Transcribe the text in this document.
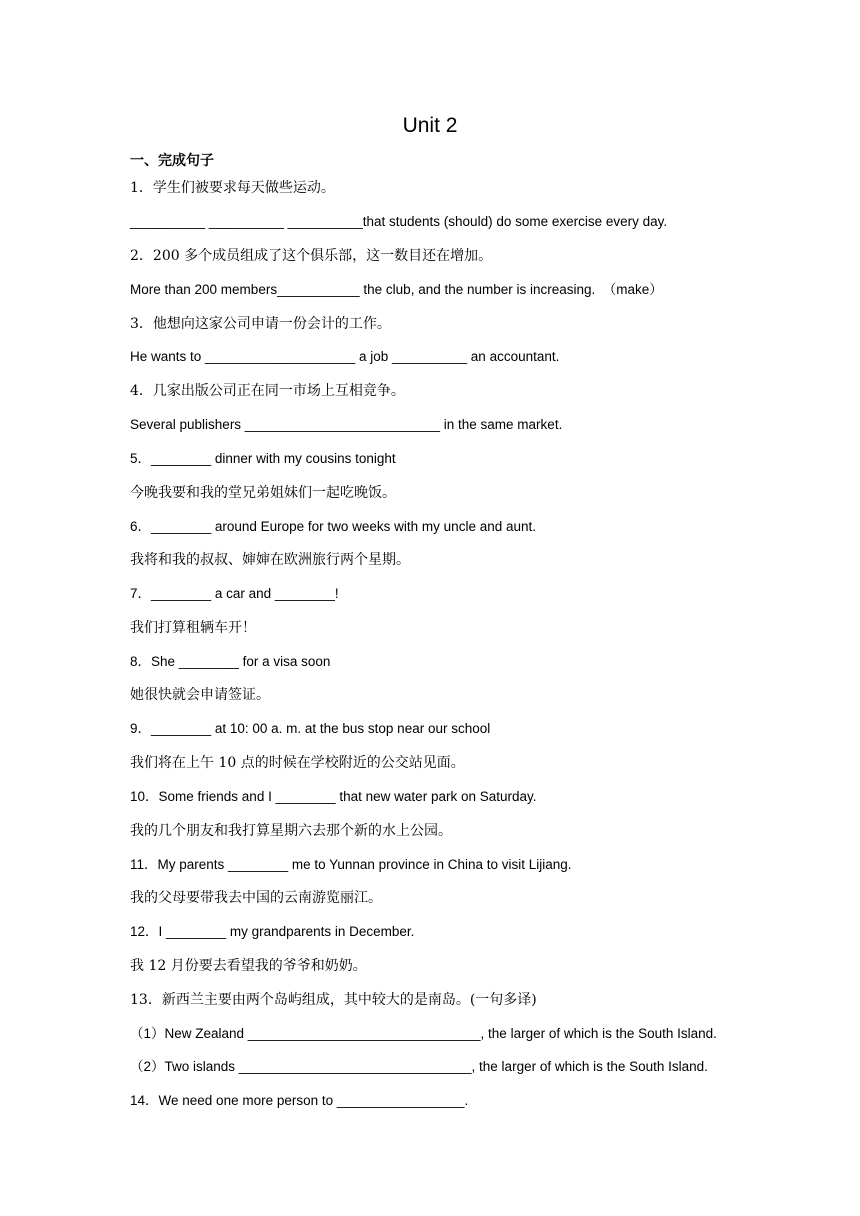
Unit 2
一、完成句子
1．学生们被要求每天做些运动。
__________ __________ __________that students (should) do some exercise every day.
2．200 多个成员组成了这个俱乐部，这一数目还在增加。
More than 200 members___________ the club, and the number is increasing.  （make）
3．他想向这家公司申请一份会计的工作。
He wants to ____________________ a job __________ an accountant.
4．几家出版公司正在同一市场上互相竞争。
Several publishers __________________________ in the same market.
5．________ dinner with my cousins tonight
今晚我要和我的堂兄弟姐妹们一起吃晚饭。
6．________ around Europe for two weeks with my uncle and aunt.
我将和我的叔叔、婶婶在欧洲旅行两个星期。
7．________ a car and ________!
我们打算租辆车开！
8．She ________ for a visa soon
她很快就会申请签证。
9．________ at 10: 00 a. m. at the bus stop near our school
我们将在上午 10 点的时候在学校附近的公交站见面。
10．Some friends and I ________ that new water park on Saturday.
我的几个朋友和我打算星期六去那个新的水上公园。
11．My parents ________ me to Yunnan province in China to visit Lijiang.
我的父母要带我去中国的云南游览丽江。
12．I ________ my grandparents in December.
我 12 月份要去看望我的爷爷和奶奶。
13．新西兰主要由两个岛屿组成，其中较大的是南岛。(一句多译)
（1）New Zealand _______________________________, the larger of which is the South Island.
（2）Two islands _______________________________, the larger of which is the South Island.
14．We need one more person to _________________.
